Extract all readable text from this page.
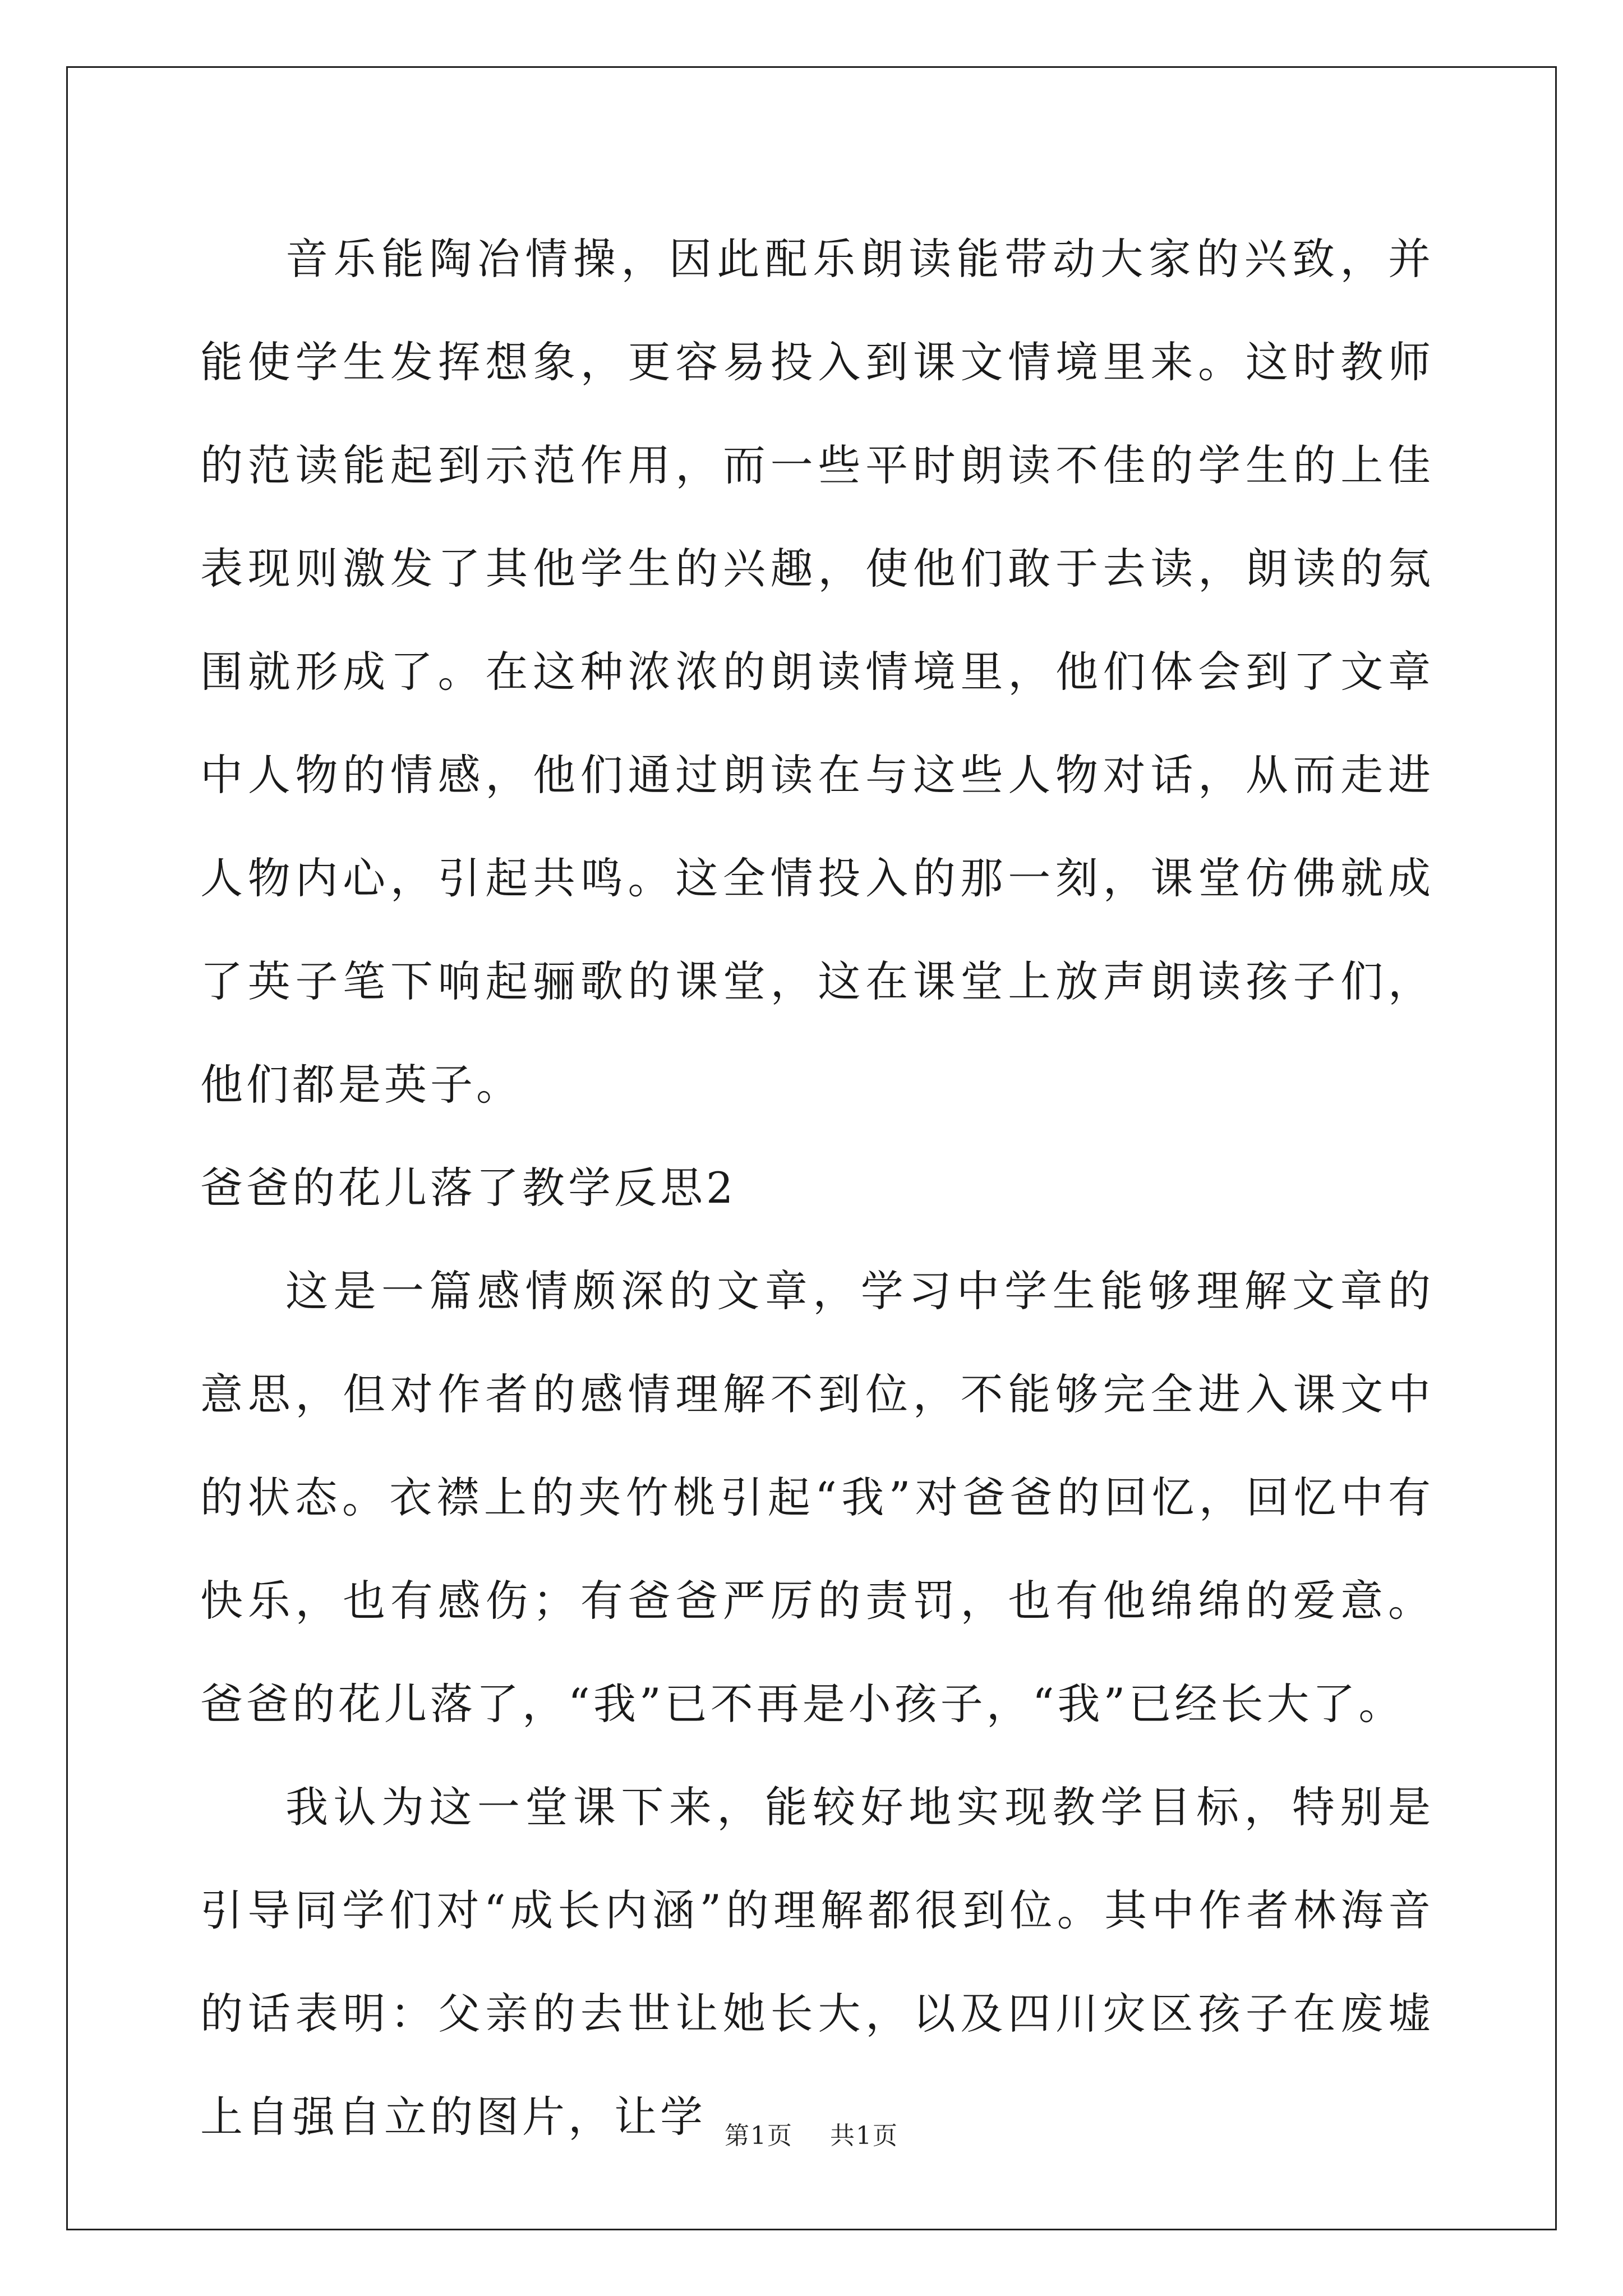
音乐能陶冶情操，因此配乐朗读能带动大家的兴致，并能使学生发挥想象，更容易投入到课文情境里来。这时教师的范读能起到示范作用，而一些平时朗读不佳的学生的上佳表现则激发了其他学生的兴趣，使他们敢于去读，朗读的氛围就形成了。在这种浓浓的朗读情境里，他们体会到了文章中人物的情感，他们通过朗读在与这些人物对话，从而走进人物内心，引起共鸣。这全情投入的那一刻，课堂仿佛就成了英子笔下响起骊歌的课堂，这在课堂上放声朗读孩子们，他们都是英子。

爸爸的花儿落了教学反思2

这是一篇感情颇深的文章，学习中学生能够理解文章的意思，但对作者的感情理解不到位，不能够完全进入课文中的状态。衣襟上的夹竹桃引起“我”对爸爸的回忆，回忆中有快乐，也有感伤；有爸爸严厉的责罚，也有他绵绵的爱意。爸爸的花儿落了，“我”已不再是小孩子，“我”已经长大了。

我认为这一堂课下来，能较好地实现教学目标，特别是引导同学们对“成长内涵”的理解都很到位。其中作者林海音的话表明：父亲的去世让她长大，以及四川灾区孩子在废墟上自强自立的图片，让学 第1页 共1页
